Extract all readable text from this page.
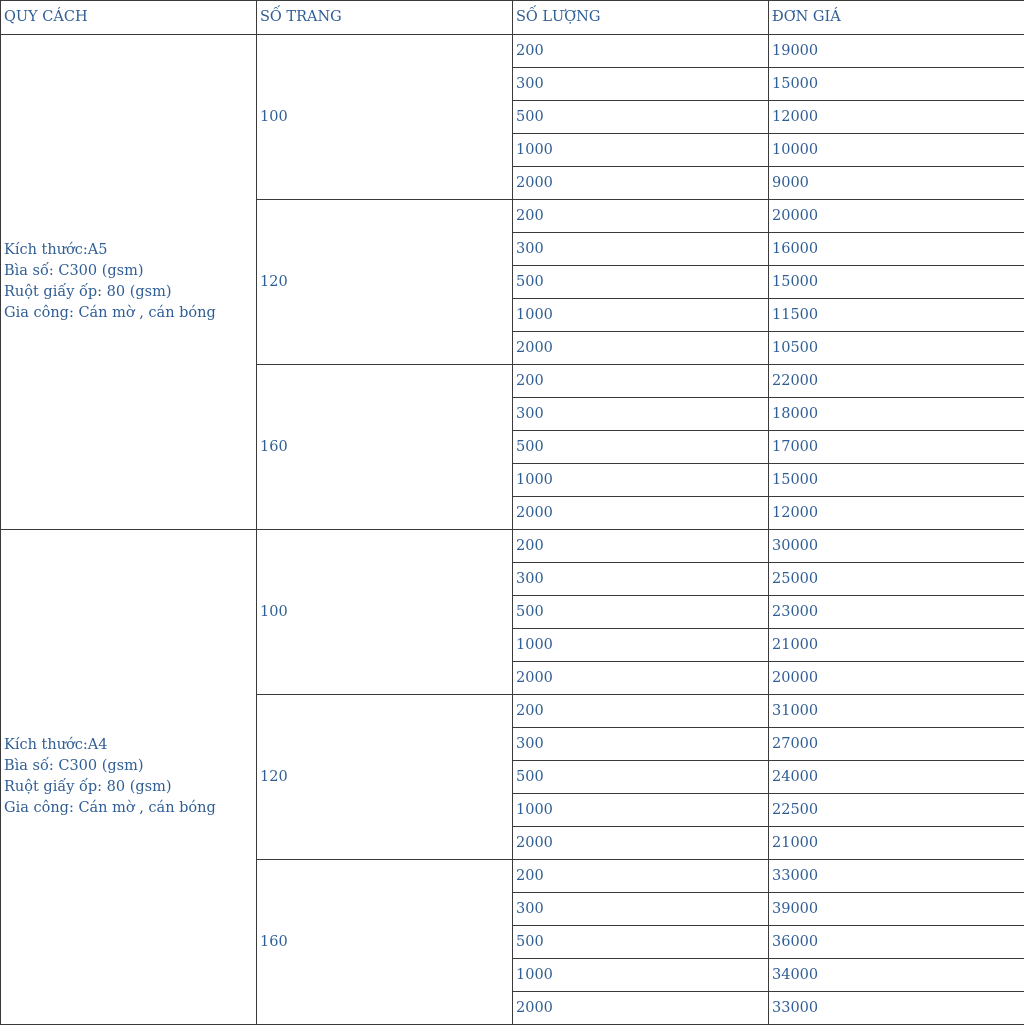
QUY CÁCH	SỐ TRANG	SỐ LƯỢNG	ĐƠN GIÁ

Kích thước:A5
Bìa số: C300 (gsm)
Ruột giấy ốp: 80 (gsm)
Gia công: Cán mờ , cán bóng	100	200	19000
		300	15000
		500	12000
		1000	10000
		2000	9000
	120	200	20000
		300	16000
		500	15000
		1000	11500
		2000	10500
	160	200	22000
		300	18000
		500	17000
		1000	15000
		2000	12000

Kích thước:A4
Bìa số: C300 (gsm)
Ruột giấy ốp: 80 (gsm)
Gia công: Cán mờ , cán bóng	100	200	30000
		300	25000
		500	23000
		1000	21000
		2000	20000
	120	200	31000
		300	27000
		500	24000
		1000	22500
		2000	21000
	160	200	33000
		300	39000
		500	36000
		1000	34000
		2000	33000
